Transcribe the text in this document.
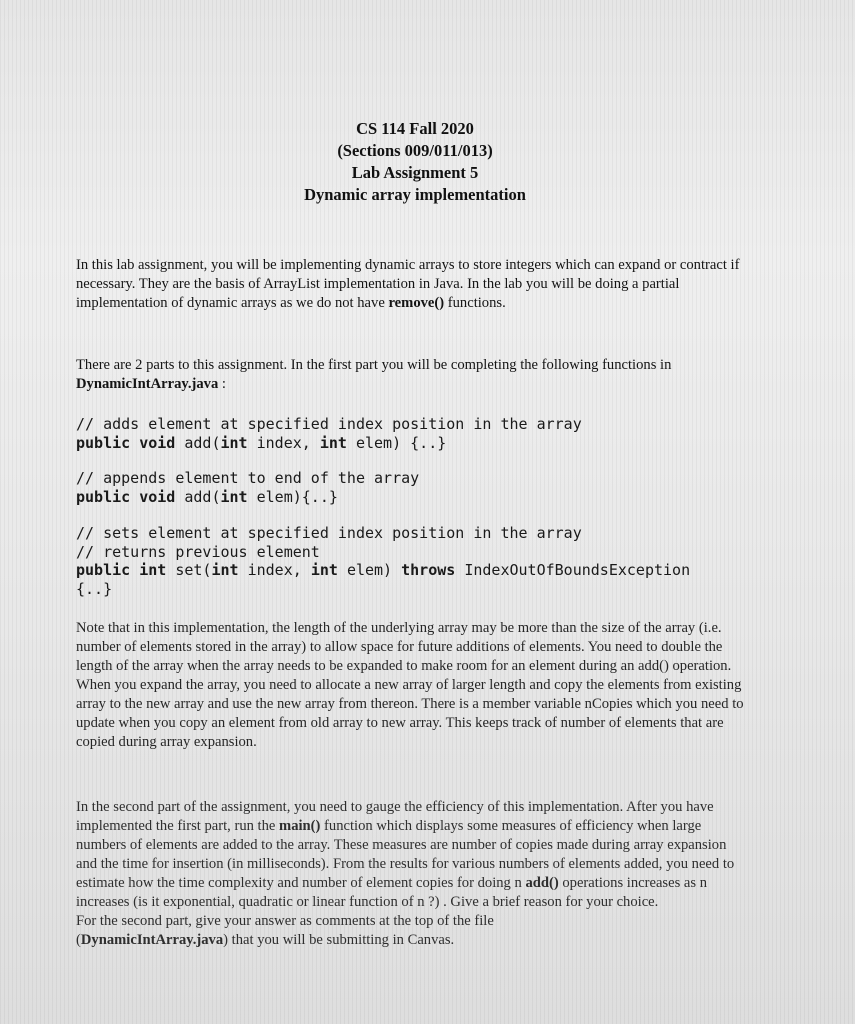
CS 114 Fall 2020
(Sections 009/011/013)
Lab Assignment 5
Dynamic array implementation
In this lab assignment, you will be implementing dynamic arrays to store integers which can expand or contract if necessary. They are the basis of ArrayList implementation in Java. In the lab you will be doing a partial implementation of dynamic arrays as we do not have remove() functions.
There are 2 parts to this assignment. In the first part you will be completing the following functions in DynamicIntArray.java :
// adds element at specified index position in the array
public void add(int index, int elem) {..}
// appends element to end of the array
public void add(int elem){..}
// sets element at specified index position in the array
// returns previous element
public int set(int index, int elem) throws IndexOutOfBoundsException
{..}
Note that in this implementation, the length of the underlying array may be more than the size of the array (i.e. number of elements stored in the array) to allow space for future additions of elements. You need to double the length of the array when the array needs to be expanded to make room for an element during an add() operation. When you expand the array, you need to allocate a new array of larger length and copy the elements from existing array to the new array and use the new array from thereon. There is a member variable nCopies which you need to update when you copy an element from old array to new array. This keeps track of number of elements that are copied during array expansion.
In the second part of the assignment, you need to gauge the efficiency of this implementation. After you have implemented the first part, run the main() function which displays some measures of efficiency when large numbers of elements are added to the array. These measures are number of copies made during array expansion and the time for insertion (in milliseconds). From the results for various numbers of elements added, you need to estimate how the time complexity and number of element copies for doing n add() operations increases as n increases (is it exponential, quadratic or linear function of n ?) . Give a brief reason for your choice.
For the second part, give your answer as comments at the top of the file
(DynamicIntArray.java) that you will be submitting in Canvas.
